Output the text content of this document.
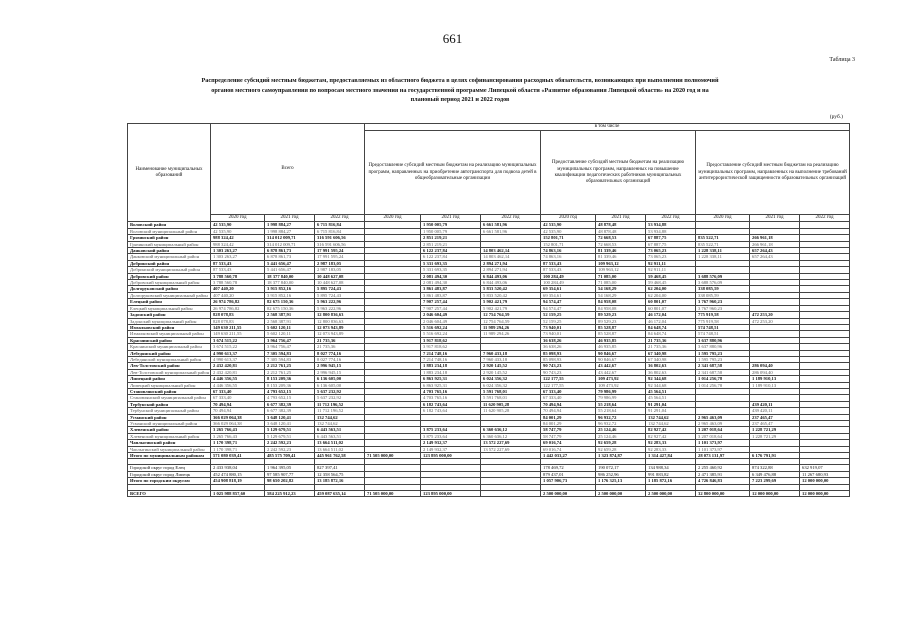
661
Таблица 3
Распределение субсидий местным бюджетам, предоставляемых из областного бюджета в целях софинансирования расходных обязательств, возникающих при выполнении полномочий органов местного самоуправления по вопросам местного значения на государственной программе Липецкой области «Развитие образования Липецкой области» на 2020 год и на плановый период 2021 и 2022 годов
(руб.)
Наименование муниципальных образований	Всего			в том числе								
				Предоставление субсидий местным бюджетам на реализацию муниципальных программ, направленных на приобретение автотранспорта для подвоза детей в общеобразовательные организации			Предоставление субсидий местным бюджетам на реализацию муниципальных программ, направленных на повышение квалификации педагогических работников муниципальных образовательных организаций			Предоставление субсидий местным бюджетам на реализацию муниципальных программ, направленных на выполнение требований антитеррористической защищенности образовательных организаций		
	2020 год	2021 год	2022 год	2020 год	2021 год	2022 год	2020 год	2021 год	2022 год	2020 год	2021 год	2022 год
Воловский район	42 535,90	1 998 884,27	6 715 816,84		1 950 005,79	6 661 581,96	42 535,90	48 878,48	53 934,88			
Воловский муниципальный район	42 535,90	1 998 884,27	6 715 816,84		1 950 005,79	6 661 581,96	42 535,90	48 878,48	53 934,88			
Грязинский район	988 324,42	314 012 009,71	316 591 606,56		2 851 219,21		152 801,71	72 668,53	67 887,75	835 522,71	266 961,18	
Грязинский муниципальный район	988 324,42	314 012 009,71	316 591 606,56		2 851 219,21		152 801,71	72 668,53	67 887,75	835 522,71	266 961,18	
Данковский район	1 303 263,27	6 878 861,73	17 991 595,24		6 122 237,84	14 803 462,14	74 863,16	81 339,46	73 065,23	1 228 338,11	657 264,43	
Данковский муниципальный район	1 303 263,27	6 878 861,73	17 991 595,24		6 122 237,84	14 803 462,14	74 863,16	81 339,46	73 065,23	1 228 338,11	657 264,43	
Добринский район	87 533,43	5 441 656,47	2 987 183,05		5 331 693,35	2 894 271,94	87 533,43	109 963,12	92 911,11			
Добринский муниципальный район	87 533,43	5 441 656,47	2 987 183,05		5 331 693,35	2 894 271,94	87 533,43	109 963,12	92 911,11			
Добровский район	3 788 560,78	18 377 840,00	10 448 627,08		2 081 494,30	6 844 493,06	100 284,49	71 085,00	59 468,45	3 688 576,09		
Добровский муниципальный район	3 788 560,78	18 377 840,00	10 448 627,08		2 081 494,30	6 844 493,06	100 284,49	71 085,00	59 468,45	3 688 576,09		
Долгоруковский район	407 440,20	3 915 852,16	5 895 724,43		3 861 483,87	5 833 520,42	69 354,61	54 168,29	62 204,00	338 085,59		
Долгоруковский муниципальный район	407 440,20	3 915 852,16	5 895 724,43		3 861 483,87	5 833 520,42	69 354,61	54 168,29	62 204,00	338 085,59		
Елецкий район	26 974 786,82	82 675 150,36	5 963 222,96		7 907 257,44	5 902 421,79	94 574,47	84 958,08	60 801,07	3 767 960,23		
Елецкий муниципальный район	26 974 786,82	82 675 150,36	5 963 222,96		7 907 257,44	5 902 421,79	94 574,47	84 958,08	60 801,07	3 767 960,23		
Задонский район	828 078,83	2 568 387,91	12 800 836,63		2 046 604,49	12 754 764,59	52 159,25	89 529,23	46 172,04	775 919,58	472 253,20	
Задонский муниципальный район	828 078,83	2 568 387,91	12 800 836,63		2 046 604,49	12 754 764,59	52 159,25	89 529,23	46 172,04	775 919,58	472 253,20	
Измалковский район	149 630 211,55	5 602 120,11	12 073 943,89		5 516 692,24	11 989 294,26	73 940,01	85 528,87	84 648,74	574 748,51		
Измалковский муниципальный район	149 630 211,55	5 602 120,11	12 073 943,89		5 516 692,24	11 989 294,26	73 940,01	85 528,87	84 648,74	574 748,51		
Краснинский район	3 674 515,22	3 964 756,47	21 735,36		3 917 818,62		36 638,26	46 935,85	21 735,36	3 637 880,96		
Краснинский муниципальный район	3 674 515,22	3 964 756,47	21 735,36		3 917 818,62		36 638,26	46 935,85	21 735,36	3 637 880,96		
Лебедянский район	4 990 613,37	7 305 594,83	8 027 774,16		7 214 748,16	7 960 433,18	85 098,93	90 846,67	67 340,98	1 595 795,23		
Лебедянский муниципальный район	4 990 613,37	7 305 594,83	8 027 774,16		7 214 748,16	7 960 433,18	85 098,93	90 846,67	67 340,98	1 595 795,23		
Лев-Толстовский район	2 432 420,81	2 212 761,25	2 996 945,15		1 883 234,18	2 920 145,52	90 743,23	43 442,67	36 802,63	2 341 687,58	286 094,40	
Лев-Толстовский муниципальный район	2 432 420,81	2 212 761,25	2 996 945,15		1 883 234,18	2 920 145,52	90 743,23	43 442,67	36 802,63	2 341 687,58	286 094,40	
Липецкий район	4 446 356,55	8 153 209,36	6 136 605,00		6 863 925,31	6 024 356,32	122 177,55	109 473,92	92 344,68	1 014 256,78	1 189 910,13	
Липецкий муниципальный район	4 446 356,55	8 153 209,36	6 136 605,00		6 863 925,31	6 024 356,32	122 177,55	109 473,92	92 344,68	1 014 256,78	1 189 910,13	
Становлянский район	67 333,40	4 793 652,15	5 637 232,92		4 703 765,16	5 591 768,01	67 333,40	79 986,99	45 564,51			
Становлянский муниципальный район	67 333,40	4 793 652,15	5 637 232,92		4 703 765,16	5 591 768,01	67 333,40	79 986,99	45 564,51			
Тербунский район	70 494,94	6 677 382,39	11 712 196,52		6 182 743,64	11 620 905,28	70 494,94	55 218,64	91 291,04		439 420,11	
Тербунский муниципальный район	70 494,94	6 677 382,39	11 712 196,52		6 182 743,64	11 620 905,28	70 494,94	55 218,64	91 291,04		439 420,11	
Усманский район	366 029 064,38	3 648 120,41	132 744,62				84 001,29	96 932,72	132 744,62	2 965 463,09	237 465,47	
Усманский муниципальный район	366 029 064,38	3 648 120,41	132 744,62				84 001,29	96 932,72	132 744,62	2 965 463,09	237 465,47	
Хлевенский район	3 265 766,43	5 129 679,51	6 443 563,51		3 875 233,64	6 360 636,12	58 747,79	25 124,46	82 927,42	3 207 018,64	1 228 721,29	
Хлевенский муниципальный район	3 265 766,43	5 129 679,51	6 443 563,51		3 875 233,64	6 360 636,12	58 747,79	25 124,46	82 927,42	3 207 018,64	1 228 721,29	
Чаплыгинский район	1 170 398,71	2 242 592,23	13 664 511,02		2 149 932,37	13 572 227,69	69 016,74	92 659,28	92 283,33	1 101 373,97		
Чаплыгинский муниципальный район	1 170 398,71	2 242 592,23	13 664 511,02		2 149 932,37	13 572 227,69	69 016,74	92 659,28	92 283,33	1 101 373,97		
Итого по муниципальным районам	571 080 039,41	485 575 709,41	445 961 762,58	71 505 000,00	123 895 000,00		1 442 033,27	1 323 874,87	1 314 427,84	28 073 131,97	6 176 791,91	

Городской округ город Елец	2 433 938,04	1 964 395,05	827 397,41				178 469,72	190 072,17	134 988,34	2 255 460,92	874 322,88	632 919,07
Городской округ город Липецк	452 474 880,15	97 585 907,77	12 358 564,75				879 437,01	986 252,96	991 883,82	2 471 385,91	6 349 476,88	11 267 680,93
Итого по городским округам	454 908 818,19	98 650 202,82	13 185 872,16				1 057 906,73	1 176 325,13	1 185 872,16	4 726 846,83	7 223 299,69	12 000 000,00

ВСЕГО	1 025 988 857,60	584 225 912,23	459 087 635,14	71 505 000,00	123 895 000,00		2 500 000,00	2 500 000,00	2 500 000,00	32 800 000,00	12 000 000,00	12 000 000,00
